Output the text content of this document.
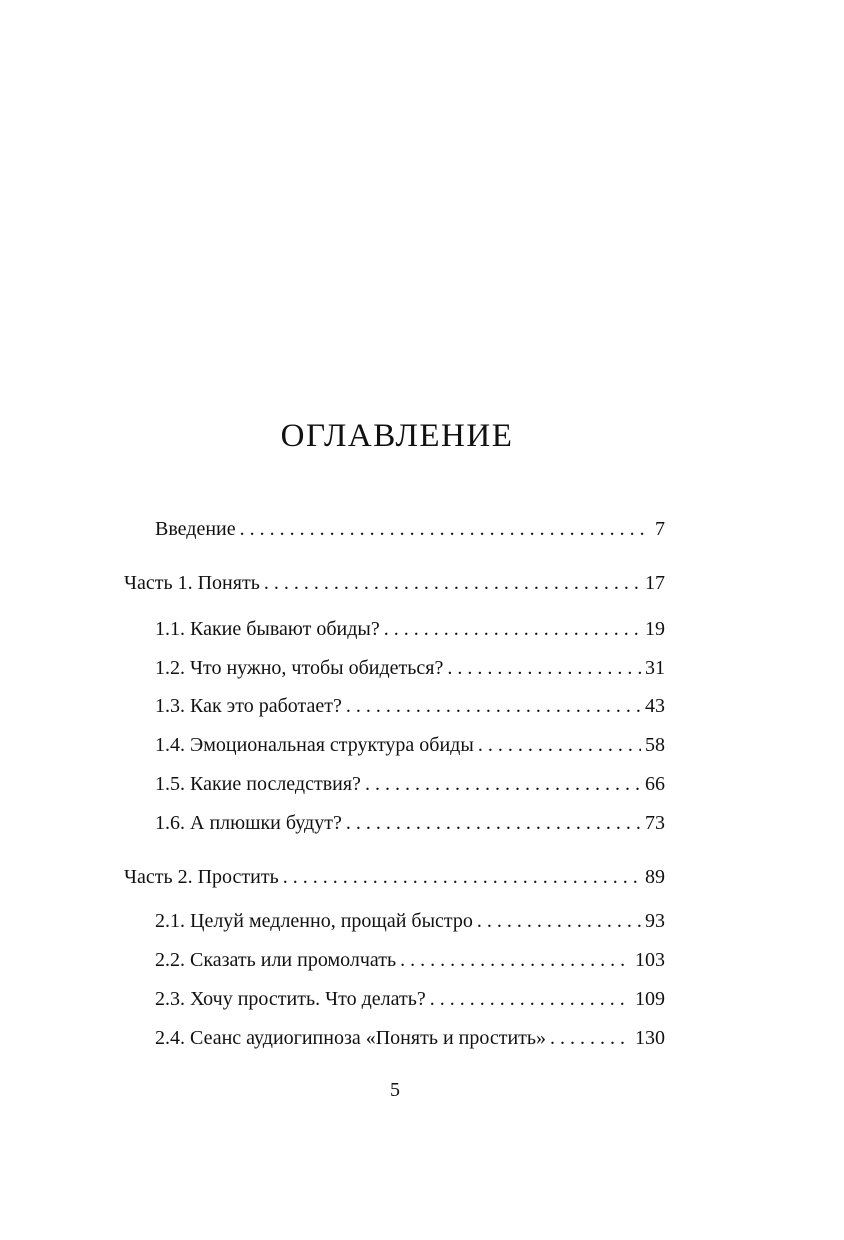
ОГЛАВЛЕНИЕ
Введение . . .	7
Часть 1. Понять . . .	17
1.1. Какие бывают обиды? . . .	19
1.2. Что нужно, чтобы обидеться? . . .	31
1.3. Как это работает? . . .	43
1.4. Эмоциональная структура обиды . . .	58
1.5. Какие последствия? . . .	66
1.6. А плюшки будут? . . .	73
Часть 2. Простить . . .	89
2.1. Целуй медленно, прощай быстро . . .	93
2.2. Сказать или промолчать . . .	103
2.3. Хочу простить. Что делать? . . .	109
2.4. Сеанс аудиогипноза «Понять и простить» . . .	130
5
